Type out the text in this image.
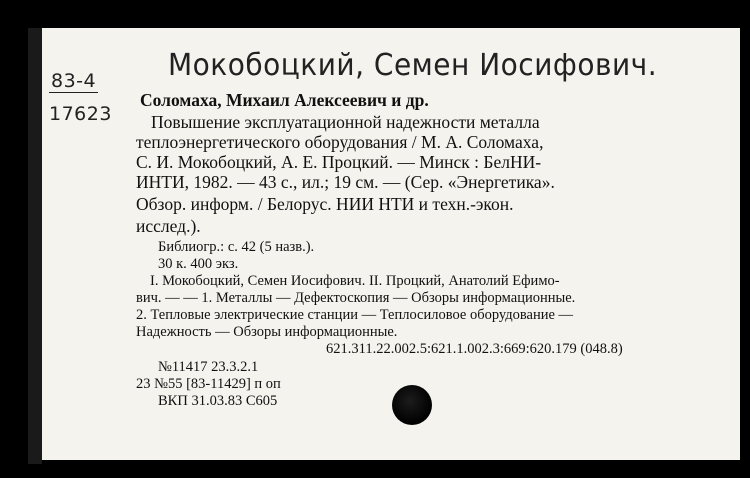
Мокобоцкий, Семен Иосифович.
83-4
17623
Соломаха, Михаил Алексеевич и др.
Повышение эксплуатационной надежности металла
теплоэнергетического оборудования / М. А. Соломаха,
С. И. Мокобоцкий, А. Е. Процкий. — Минск : БелНИ-
ИНТИ, 1982. — 43 с., ил.; 19 см. — (Сер. «Энергетика».
Обзор. информ. / Белорус. НИИ НТИ и техн.-экон.
исслед.).
Библиогр.: с. 42 (5 назв.).
30 к. 400 экз.
I. Мокобоцкий, Семен Иосифович. II. Процкий, Анатолий Ефимо-
вич. — — 1. Металлы — Дефектоскопия — Обзоры информационные.
2. Тепловые электрические станции — Теплосиловое оборудование —
Надежность — Обзоры информационные.
621.311.22.002.5:621.1.002.3:669:620.179 (048.8)
№11417 23.3.2.1
23 №55 [83-11429] п оп
ВКП 31.03.83 С605
